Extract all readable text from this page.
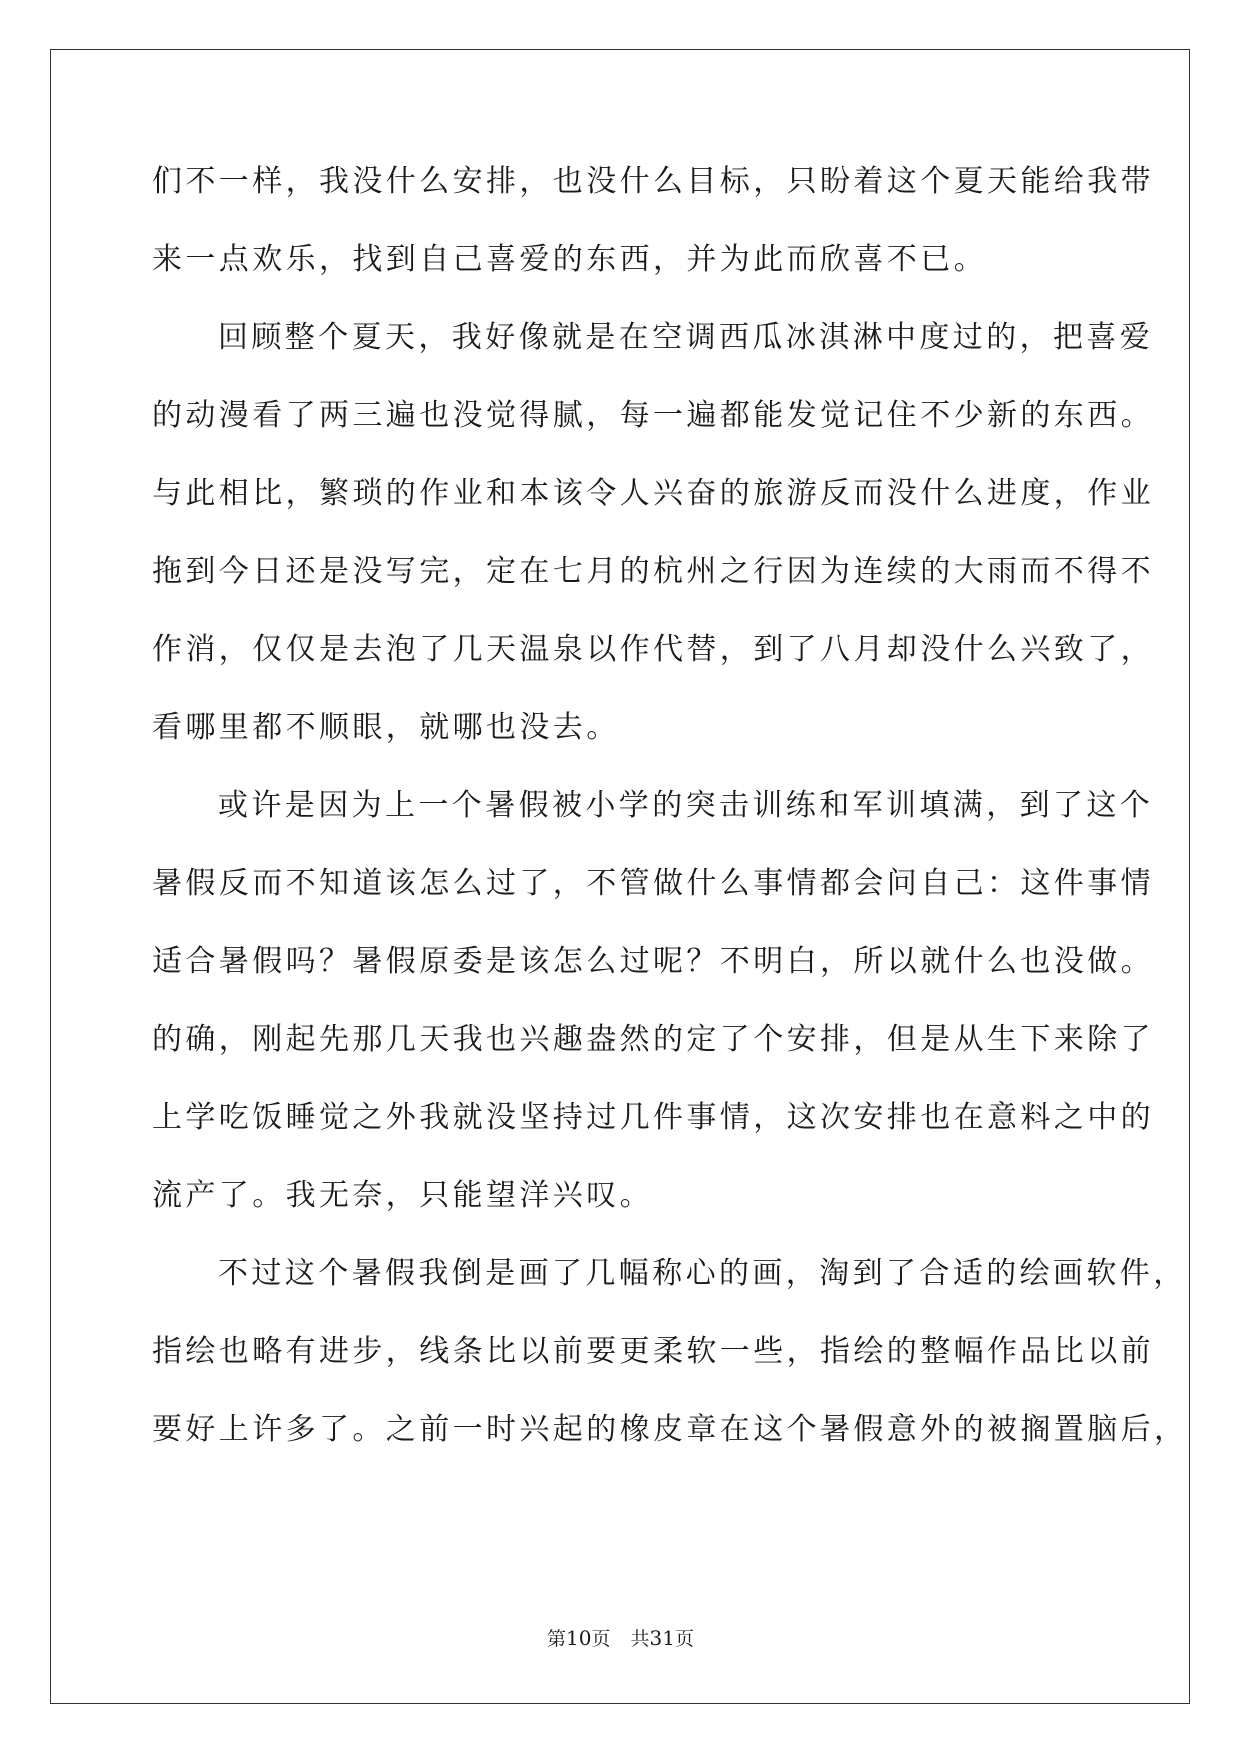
们不一样，我没什么安排，也没什么目标，只盼着这个夏天能给我带
来一点欢乐，找到自己喜爱的东西，并为此而欣喜不已。
回顾整个夏天，我好像就是在空调西瓜冰淇淋中度过的，把喜爱
的动漫看了两三遍也没觉得腻，每一遍都能发觉记住不少新的东西。
与此相比，繁琐的作业和本该令人兴奋的旅游反而没什么进度，作业
拖到今日还是没写完，定在七月的杭州之行因为连续的大雨而不得不
作消，仅仅是去泡了几天温泉以作代替，到了八月却没什么兴致了，
看哪里都不顺眼，就哪也没去。
或许是因为上一个暑假被小学的突击训练和军训填满，到了这个
暑假反而不知道该怎么过了，不管做什么事情都会问自己：这件事情
适合暑假吗？暑假原委是该怎么过呢？不明白，所以就什么也没做。
的确，刚起先那几天我也兴趣盎然的定了个安排，但是从生下来除了
上学吃饭睡觉之外我就没坚持过几件事情，这次安排也在意料之中的
流产了。我无奈，只能望洋兴叹。
不过这个暑假我倒是画了几幅称心的画，淘到了合适的绘画软件，
指绘也略有进步，线条比以前要更柔软一些，指绘的整幅作品比以前
要好上许多了。之前一时兴起的橡皮章在这个暑假意外的被搁置脑后，
第10页 共31页
